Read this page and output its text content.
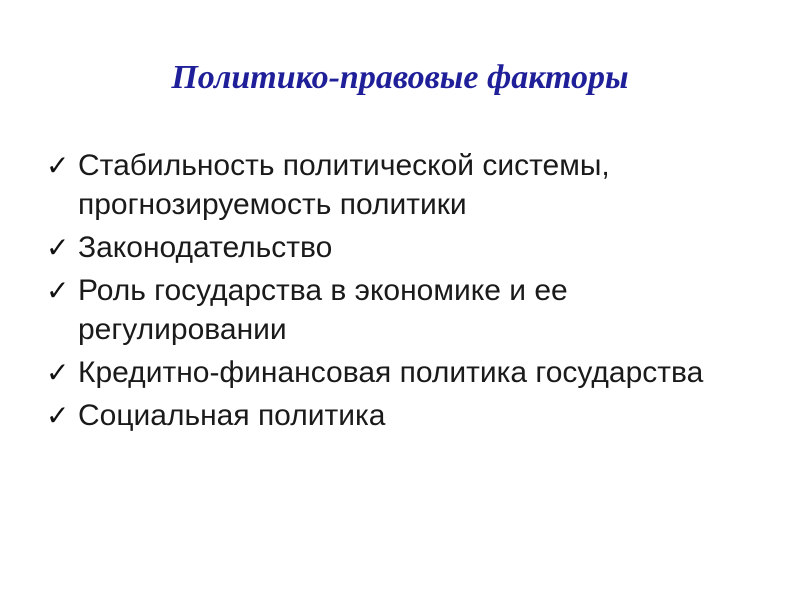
Политико-правовые факторы
✓ Стабильность политической системы, прогнозируемость политики
✓ Законодательство
✓ Роль государства в экономике и ее регулировании
✓ Кредитно-финансовая политика государства
✓ Социальная политика
